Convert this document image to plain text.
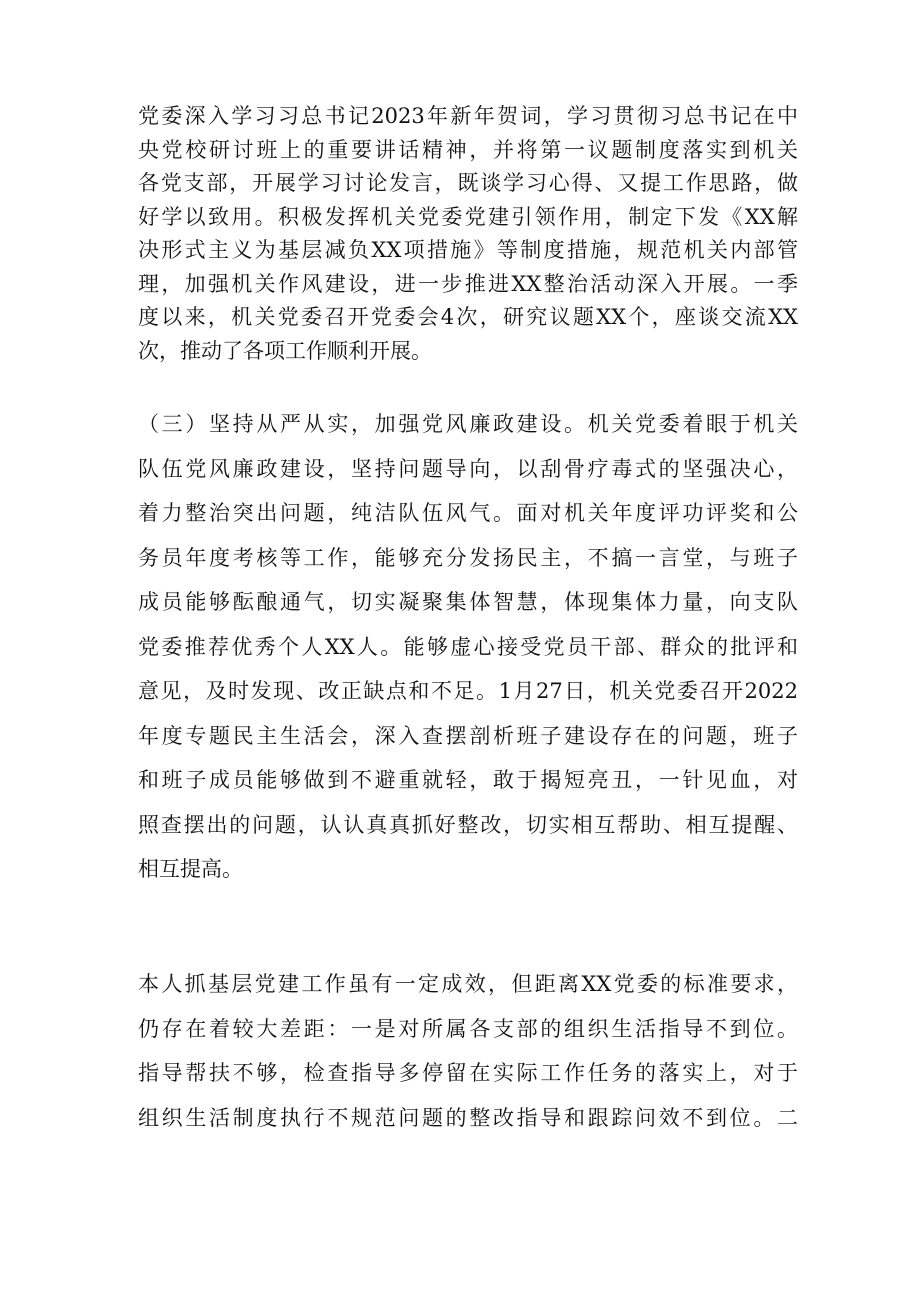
党委深入学习习总书记2023年新年贺词，学习贯彻习总书记在中
央党校研讨班上的重要讲话精神，并将第一议题制度落实到机关
各党支部，开展学习讨论发言，既谈学习心得、又提工作思路，做
好学以致用。积极发挥机关党委党建引领作用，制定下发《XX解
决形式主义为基层减负XX项措施》等制度措施，规范机关内部管
理，加强机关作风建设，进一步推进XX整治活动深入开展。一季
度以来，机关党委召开党委会4次，研究议题XX个，座谈交流XX
次，推动了各项工作顺利开展。
（三）坚持从严从实，加强党风廉政建设。机关党委着眼于机关
队伍党风廉政建设，坚持问题导向，以刮骨疗毒式的坚强决心，
着力整治突出问题，纯洁队伍风气。面对机关年度评功评奖和公
务员年度考核等工作，能够充分发扬民主，不搞一言堂，与班子
成员能够酝酿通气，切实凝聚集体智慧，体现集体力量，向支队
党委推荐优秀个人XX人。能够虚心接受党员干部、群众的批评和
意见，及时发现、改正缺点和不足。1月27日，机关党委召开2022
年度专题民主生活会，深入查摆剖析班子建设存在的问题，班子
和班子成员能够做到不避重就轻，敢于揭短亮丑，一针见血，对
照查摆出的问题，认认真真抓好整改，切实相互帮助、相互提醒、
相互提高。
本人抓基层党建工作虽有一定成效，但距离XX党委的标准要求，
仍存在着较大差距：一是对所属各支部的组织生活指导不到位。
指导帮扶不够，检查指导多停留在实际工作任务的落实上，对于
组织生活制度执行不规范问题的整改指导和跟踪问效不到位。二
